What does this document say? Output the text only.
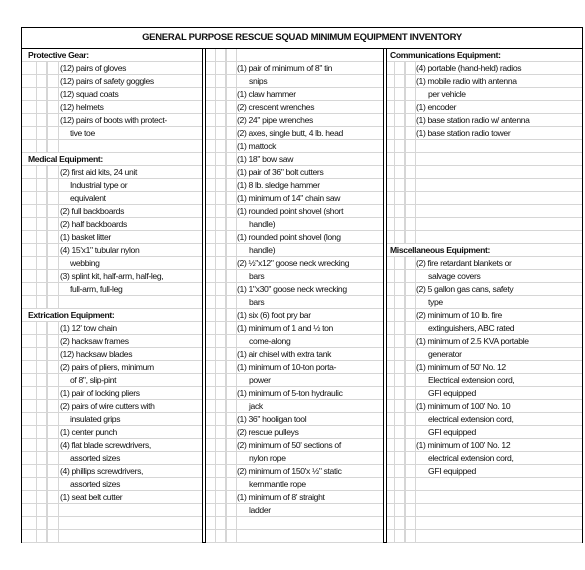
GENERAL PURPOSE RESCUE SQUAD MINIMUM EQUIPMENT INVENTORY
Protective Gear:
(12) pairs of gloves
(12) pairs of safety goggles
(12) squad coats
(12) helmets
(12) pairs of boots with protect-
tive toe
Medical Equipment:
(2) first aid kits, 24 unit
Industrial type or
equivalent
(2) full backboards
(2) half backboards
(1) basket litter
(4) 15'x1" tubular nylon
webbing
(3) splint kit, half-arm, half-leg,
full-arm, full-leg
Extrication Equipment:
(1) 12' tow chain
(2) hacksaw frames
(12) hacksaw blades
(2) pairs of pliers, minimum
of 8", slip-pint
(1) pair of locking pliers
(2) pairs of wire cutters with
insulated grips
(1) center punch
(4) flat blade screwdrivers,
assorted sizes
(4) phillips screwdrivers,
assorted sizes
(1) seat belt cutter
(1) pair of minimum of 8" tin
snips
(1) claw hammer
(2) crescent wrenches
(2) 24" pipe wrenches
(2) axes, single butt, 4 lb. head
(1) mattock
(1) 18" bow saw
(1) pair of 36" bolt cutters
(1) 8 lb. sledge hammer
(1) minimum of 14" chain saw
(1) rounded point shovel (short
handle)
(1) rounded point shovel (long
handle)
(2) ½"x12" goose neck wrecking
bars
(1) 1"x30" goose neck wrecking
bars
(1) six (6) foot pry bar
(1) minimum of 1 and ½ ton
come-along
(1) air chisel with extra tank
(1) minimum of 10-ton porta-
power
(1) minimum of 5-ton hydraulic
jack
(1) 36" hooligan tool
(2) rescue pulleys
(2) minimum of 50' sections of
nylon rope
(2) minimum of 150'x ½" static
kernmantle rope
(1) minimum of 8' straight
ladder
Communications Equipment:
(4) portable (hand-held) radios
(1) mobile radio with antenna
per vehicle
(1) encoder
(1) base station radio w/ antenna
(1) base station radio tower
Miscellaneous Equipment:
(2) fire retardant blankets or
salvage covers
(2) 5 gallon gas cans, safety
type
(2) minimum of 10 lb. fire
extinguishers, ABC rated
(1) minimum of 2.5 KVA portable
generator
(1) minimum of 50' No. 12
Electrical extension cord,
GFI equipped
(1) minimum of 100' No. 10
electrical extension cord,
GFI equipped
(1) minimum of 100' No. 12
electrical extension cord,
GFI equipped
